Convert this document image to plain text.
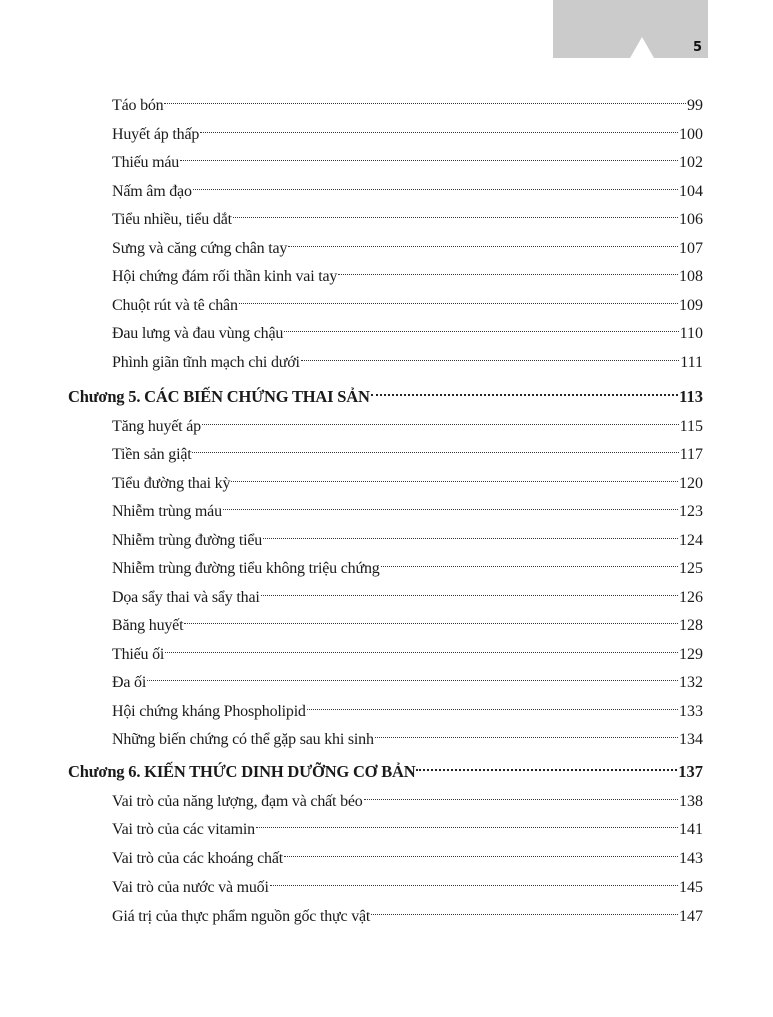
5
Táo bón	99
Huyết áp thấp	100
Thiếu máu	102
Nấm âm đạo	104
Tiểu nhiều, tiểu dắt	106
Sưng và căng cứng chân tay	107
Hội chứng đám rối thần kinh vai tay	108
Chuột rút và tê chân	109
Đau lưng và đau vùng chậu	110
Phình giãn tĩnh mạch chi dưới	111
Chương 5. CÁC BIẾN CHỨNG THAI SẢN	113
Tăng huyết áp	115
Tiền sản giật	117
Tiểu đường thai kỳ	120
Nhiễm trùng máu	123
Nhiễm trùng đường tiểu	124
Nhiễm trùng đường tiểu không triệu chứng	125
Dọa sẩy thai và sẩy thai	126
Băng huyết	128
Thiếu ối	129
Đa ối	132
Hội chứng kháng Phospholipid	133
Những biến chứng có thể gặp sau khi sinh	134
Chương 6. KIẾN THỨC DINH DƯỠNG CƠ BẢN	137
Vai trò của năng lượng, đạm và chất béo	138
Vai trò của các vitamin	141
Vai trò của các khoáng chất	143
Vai trò của nước và muối	145
Giá trị của thực phẩm nguồn gốc thực vật	147
